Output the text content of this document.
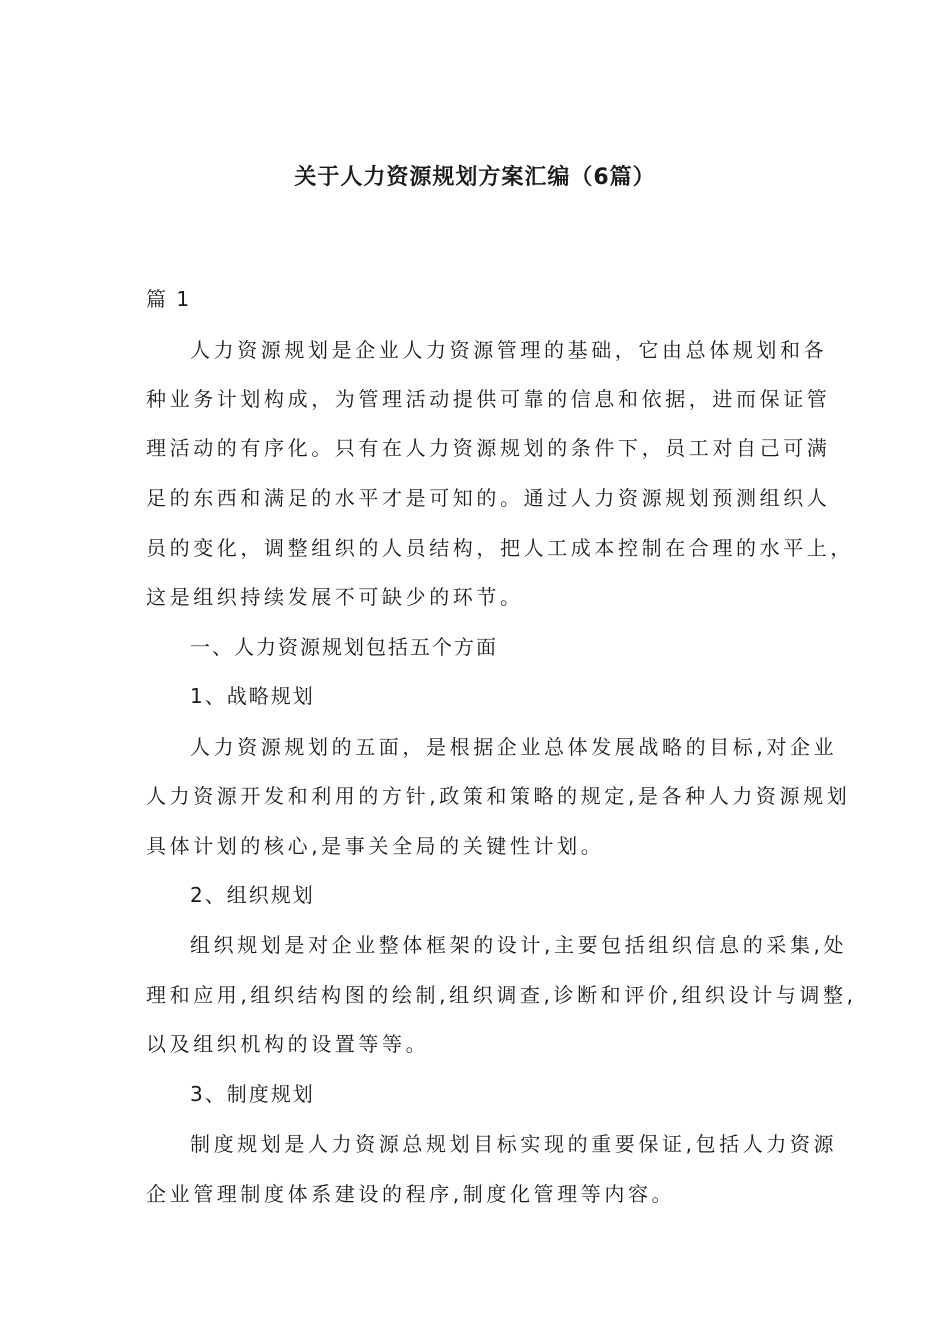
关于人力资源规划方案汇编（6篇）
篇 1
人力资源规划是企业人力资源管理的基础，它由总体规划和各
种业务计划构成，为管理活动提供可靠的信息和依据，进而保证管
理活动的有序化。只有在人力资源规划的条件下，员工对自己可满
足的东西和满足的水平才是可知的。通过人力资源规划预测组织人
员的变化，调整组织的人员结构，把人工成本控制在合理的水平上，
这是组织持续发展不可缺少的环节。
一、人力资源规划包括五个方面
1、战略规划
人力资源规划的五面，是根据企业总体发展战略的目标,对企业
人力资源开发和利用的方针,政策和策略的规定,是各种人力资源规划
具体计划的核心,是事关全局的关键性计划。
2、组织规划
组织规划是对企业整体框架的设计,主要包括组织信息的采集,处
理和应用,组织结构图的绘制,组织调查,诊断和评价,组织设计与调整,
以及组织机构的设置等等。
3、制度规划
制度规划是人力资源总规划目标实现的重要保证,包括人力资源
企业管理制度体系建设的程序,制度化管理等内容。
